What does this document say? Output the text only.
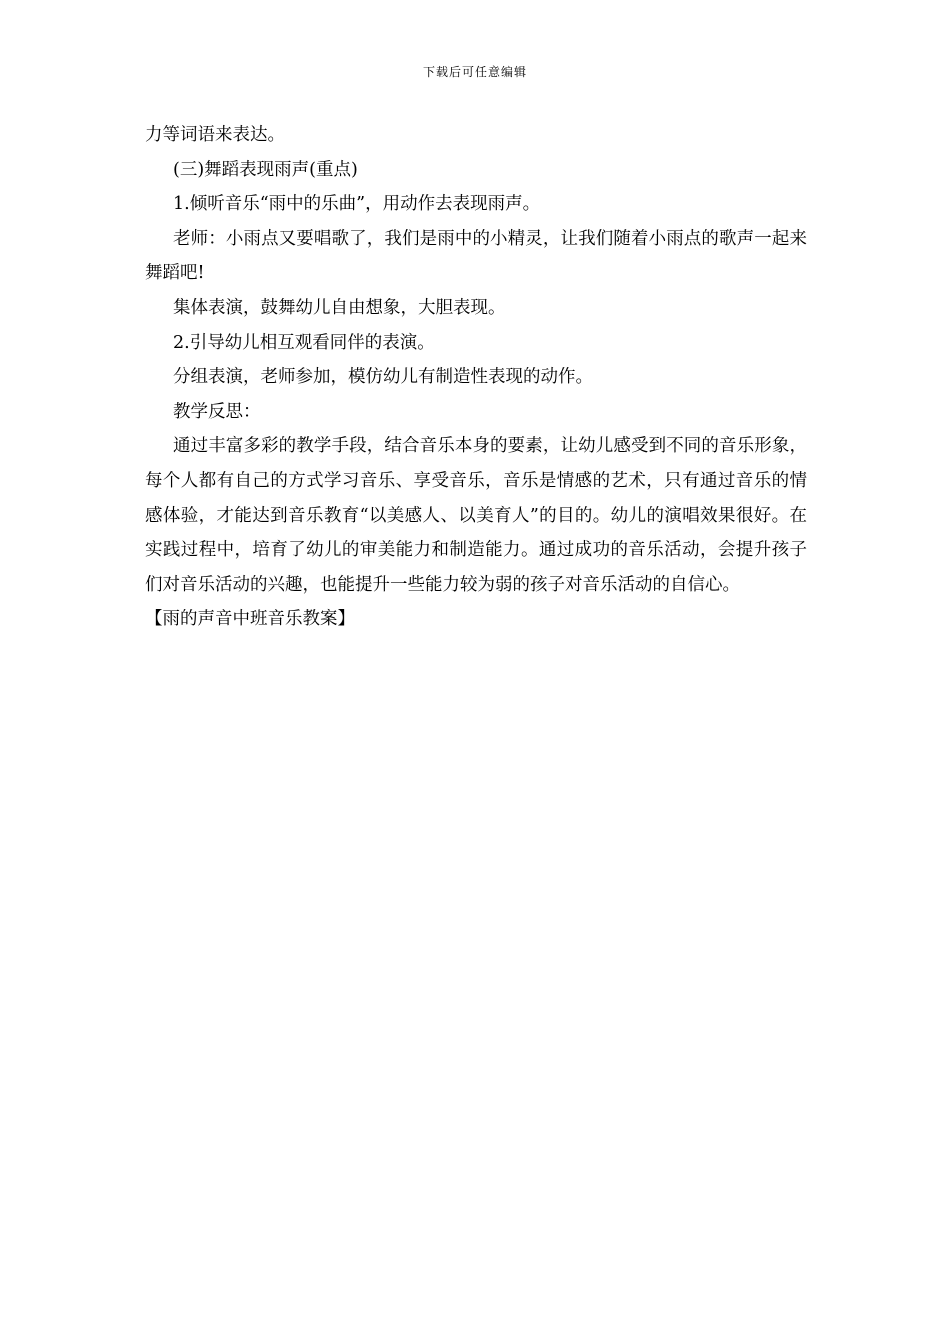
下载后可任意编辑

力等词语来表达。

(三)舞蹈表现雨声(重点)

1.倾听音乐“雨中的乐曲”，用动作去表现雨声。

老师：小雨点又要唱歌了，我们是雨中的小精灵，让我们随着小雨点的歌声一起来舞蹈吧!

集体表演，鼓舞幼儿自由想象，大胆表现。

2.引导幼儿相互观看同伴的表演。

分组表演，老师参加，模仿幼儿有制造性表现的动作。

教学反思：

通过丰富多彩的教学手段，结合音乐本身的要素，让幼儿感受到不同的音乐形象，每个人都有自己的方式学习音乐、享受音乐，音乐是情感的艺术，只有通过音乐的情感体验，才能达到音乐教育“以美感人、以美育人”的目的。幼儿的演唱效果很好。在实践过程中，培育了幼儿的审美能力和制造能力。通过成功的音乐活动，会提升孩子们对音乐活动的兴趣，也能提升一些能力较为弱的孩子对音乐活动的自信心。

【雨的声音中班音乐教案】
